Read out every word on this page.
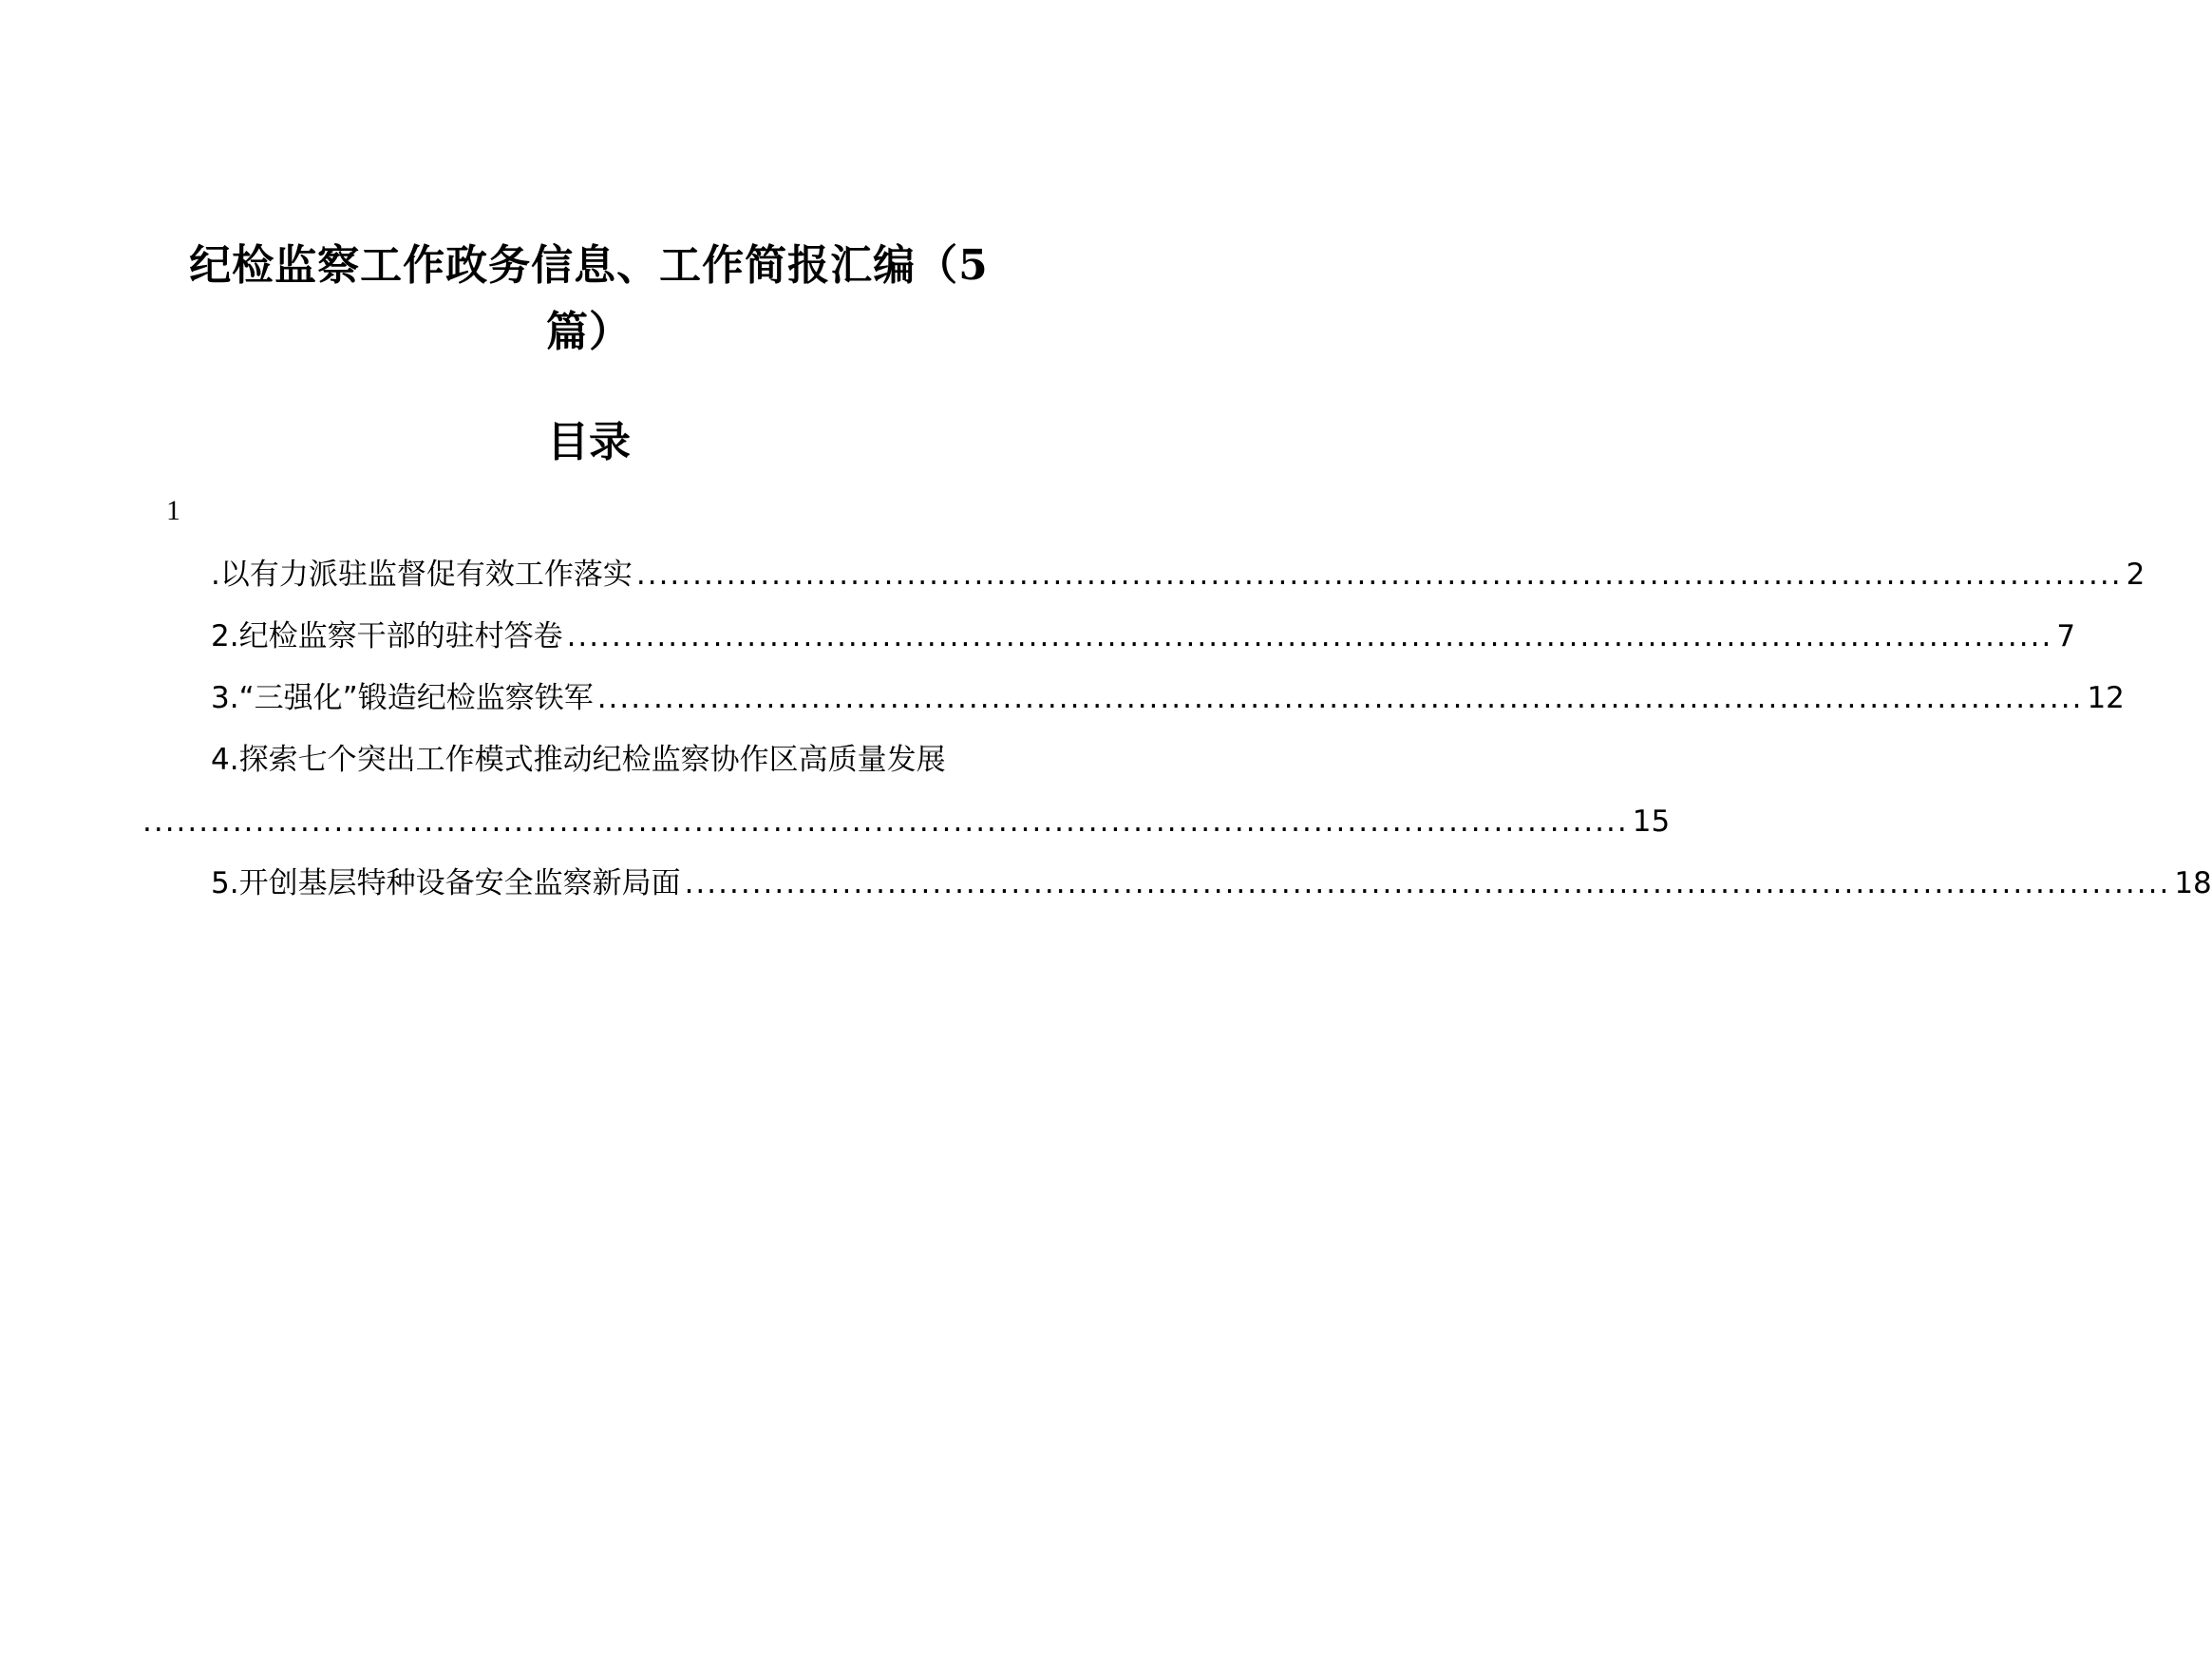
纪检监察工作政务信息、工作简报汇编（5
篇）
目录
1
.以有力派驻监督促有效工作落实 .................................................................................................................................... 2
2.纪检监察干部的驻村答卷 .................................................................................................................................... 7
3.“三强化”锻造纪检监察铁军 .................................................................................................................................... 12
4.探索七个突出工作模式推动纪检监察协作区高质量发展
.................................................................................................................................... 15
5.开创基层特种设备安全监察新局面 .................................................................................................................................... 18
